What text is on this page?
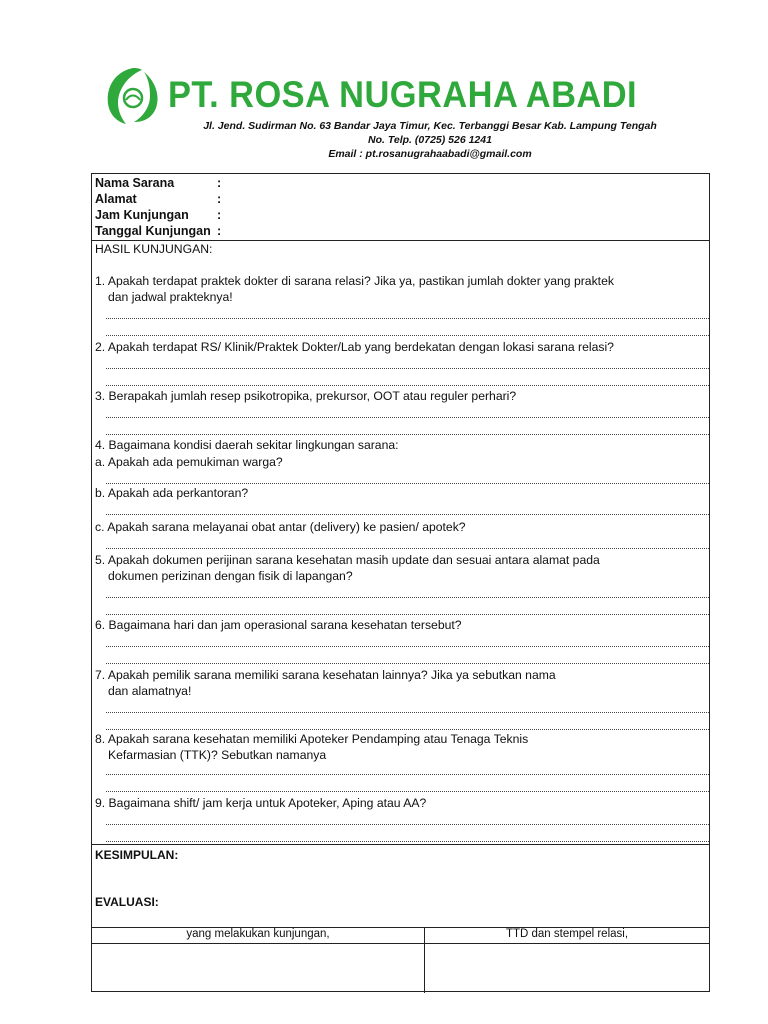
PT. ROSA NUGRAHA ABADI
Jl. Jend. Sudirman No. 63 Bandar Jaya Timur, Kec. Terbanggi Besar Kab. Lampung Tengah
No. Telp. (0725) 526 1241
Email : pt.rosanugrahaabadi@gmail.com
Nama Sarana	:
Alamat	:
Jam Kunjungan :
Tanggal Kunjungan :
HASIL KUNJUNGAN:
1. Apakah terdapat praktek dokter di sarana relasi? Jika ya, pastikan jumlah dokter yang praktek
dan jadwal prakteknya!
2. Apakah terdapat RS/ Klinik/Praktek Dokter/Lab yang berdekatan dengan lokasi sarana relasi?
3. Berapakah jumlah resep psikotropika, prekursor, OOT atau reguler perhari?
4. Bagaimana kondisi daerah sekitar lingkungan sarana:
a. Apakah ada pemukiman warga?
b. Apakah ada perkantoran?
c. Apakah sarana melayanai obat antar (delivery) ke pasien/ apotek?
5. Apakah dokumen perijinan sarana kesehatan masih update dan sesuai antara alamat pada
dokumen perizinan dengan fisik di lapangan?
6. Bagaimana hari dan jam operasional sarana kesehatan tersebut?
7. Apakah pemilik sarana memiliki sarana kesehatan lainnya? Jika ya sebutkan nama
dan alamatnya!
8. Apakah sarana kesehatan memiliki Apoteker Pendamping atau Tenaga Teknis
Kefarmasian (TTK)? Sebutkan namanya
9. Bagaimana shift/ jam kerja untuk Apoteker, Aping atau AA?
KESIMPULAN:
EVALUASI:
yang melakukan kunjungan,	TTD dan stempel relasi,
